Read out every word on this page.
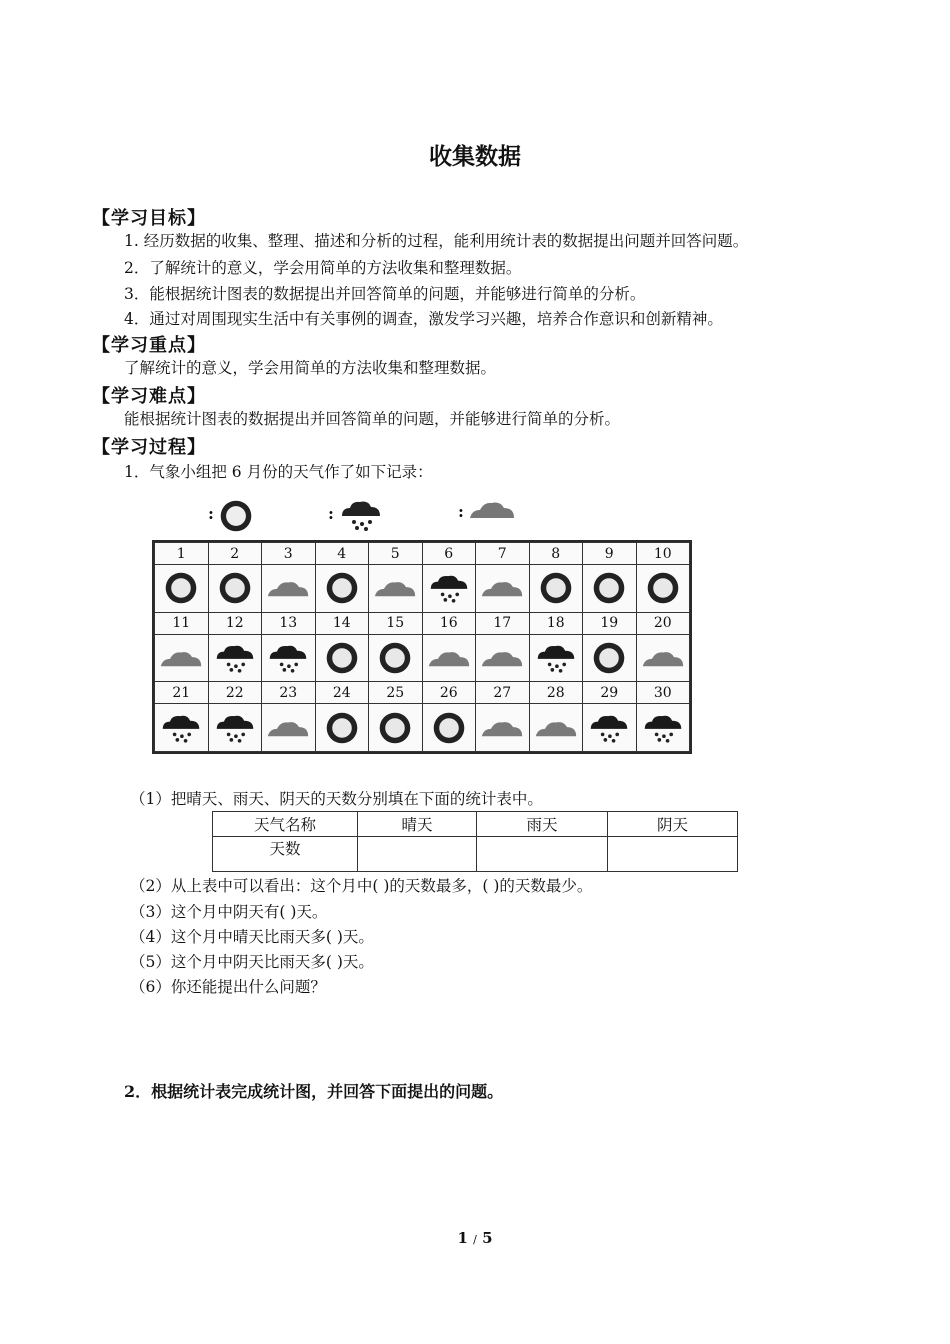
收集数据
【学习目标】
1. 经历数据的收集、整理、描述和分析的过程，能利用统计表的数据提出问题并回答问题。
2．了解统计的意义，学会用简单的方法收集和整理数据。
3．能根据统计图表的数据提出并回答简单的问题，并能够进行简单的分析。
4．通过对周围现实生活中有关事例的调查，激发学习兴趣，培养合作意识和创新精神。
【学习重点】
了解统计的意义，学会用简单的方法收集和整理数据。
【学习难点】
能根据统计图表的数据提出并回答简单的问题，并能够进行简单的分析。
【学习过程】
1．气象小组把 6 月份的天气作了如下记录：
:	:	:
1	2	3	4	5	6	7	8	9	10

11	12	13	14	15	16	17	18	19	20

21	22	23	24	25	26	27	28	29	30

（1）把晴天、雨天、阴天的天数分别填在下面的统计表中。
天气名称	晴天	雨天	阴天
天数			
（2）从上表中可以看出：这个月中( )的天数最多，( )的天数最少。
（3）这个月中阴天有( )天。
（4）这个月中晴天比雨天多( )天。
（5）这个月中阴天比雨天多( )天。
（6）你还能提出什么问题？
2．根据统计表完成统计图，并回答下面提出的问题。
1 / 5
